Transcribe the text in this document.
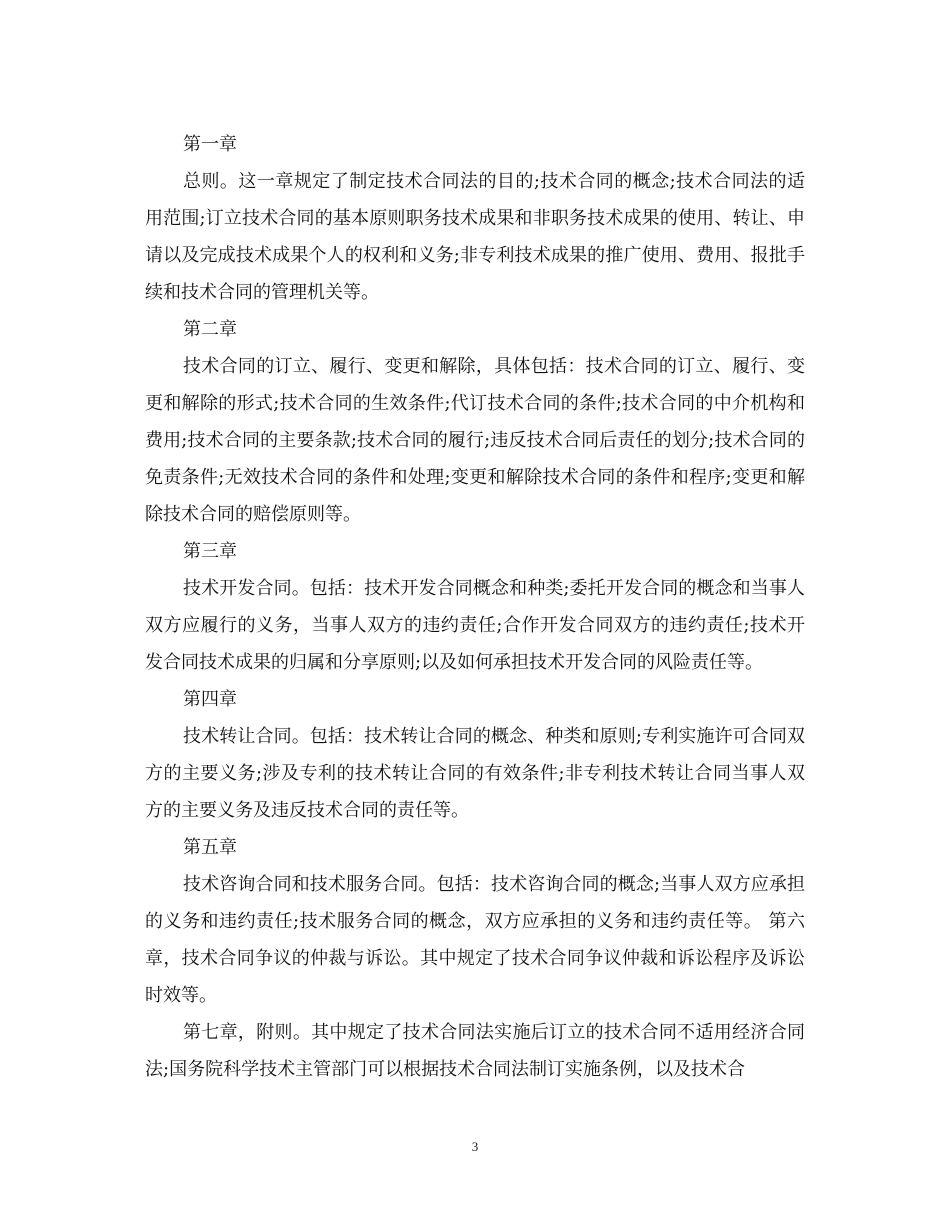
第一章

总则。这一章规定了制定技术合同法的目的;技术合同的概念;技术合同法的适用范围;订立技术合同的基本原则职务技术成果和非职务技术成果的使用、转让、申请以及完成技术成果个人的权利和义务;非专利技术成果的推广使用、费用、报批手续和技术合同的管理机关等。

第二章

技术合同的订立、履行、变更和解除，具体包括：技术合同的订立、履行、变更和解除的形式;技术合同的生效条件;代订技术合同的条件;技术合同的中介机构和费用;技术合同的主要条款;技术合同的履行;违反技术合同后责任的划分;技术合同的免责条件;无效技术合同的条件和处理;变更和解除技术合同的条件和程序;变更和解除技术合同的赔偿原则等。

第三章

技术开发合同。包括：技术开发合同概念和种类;委托开发合同的概念和当事人双方应履行的义务，当事人双方的违约责任;合作开发合同双方的违约责任;技术开发合同技术成果的归属和分享原则;以及如何承担技术开发合同的风险责任等。

第四章

技术转让合同。包括：技术转让合同的概念、种类和原则;专利实施许可合同双方的主要义务;涉及专利的技术转让合同的有效条件;非专利技术转让合同当事人双方的主要义务及违反技术合同的责任等。

第五章

技术咨询合同和技术服务合同。包括：技术咨询合同的概念;当事人双方应承担的义务和违约责任;技术服务合同的概念，双方应承担的义务和违约责任等。 第六章，技术合同争议的仲裁与诉讼。其中规定了技术合同争议仲裁和诉讼程序及诉讼时效等。

第七章，附则。其中规定了技术合同法实施后订立的技术合同不适用经济合同法;国务院科学技术主管部门可以根据技术合同法制订实施条例，以及技术合

3
